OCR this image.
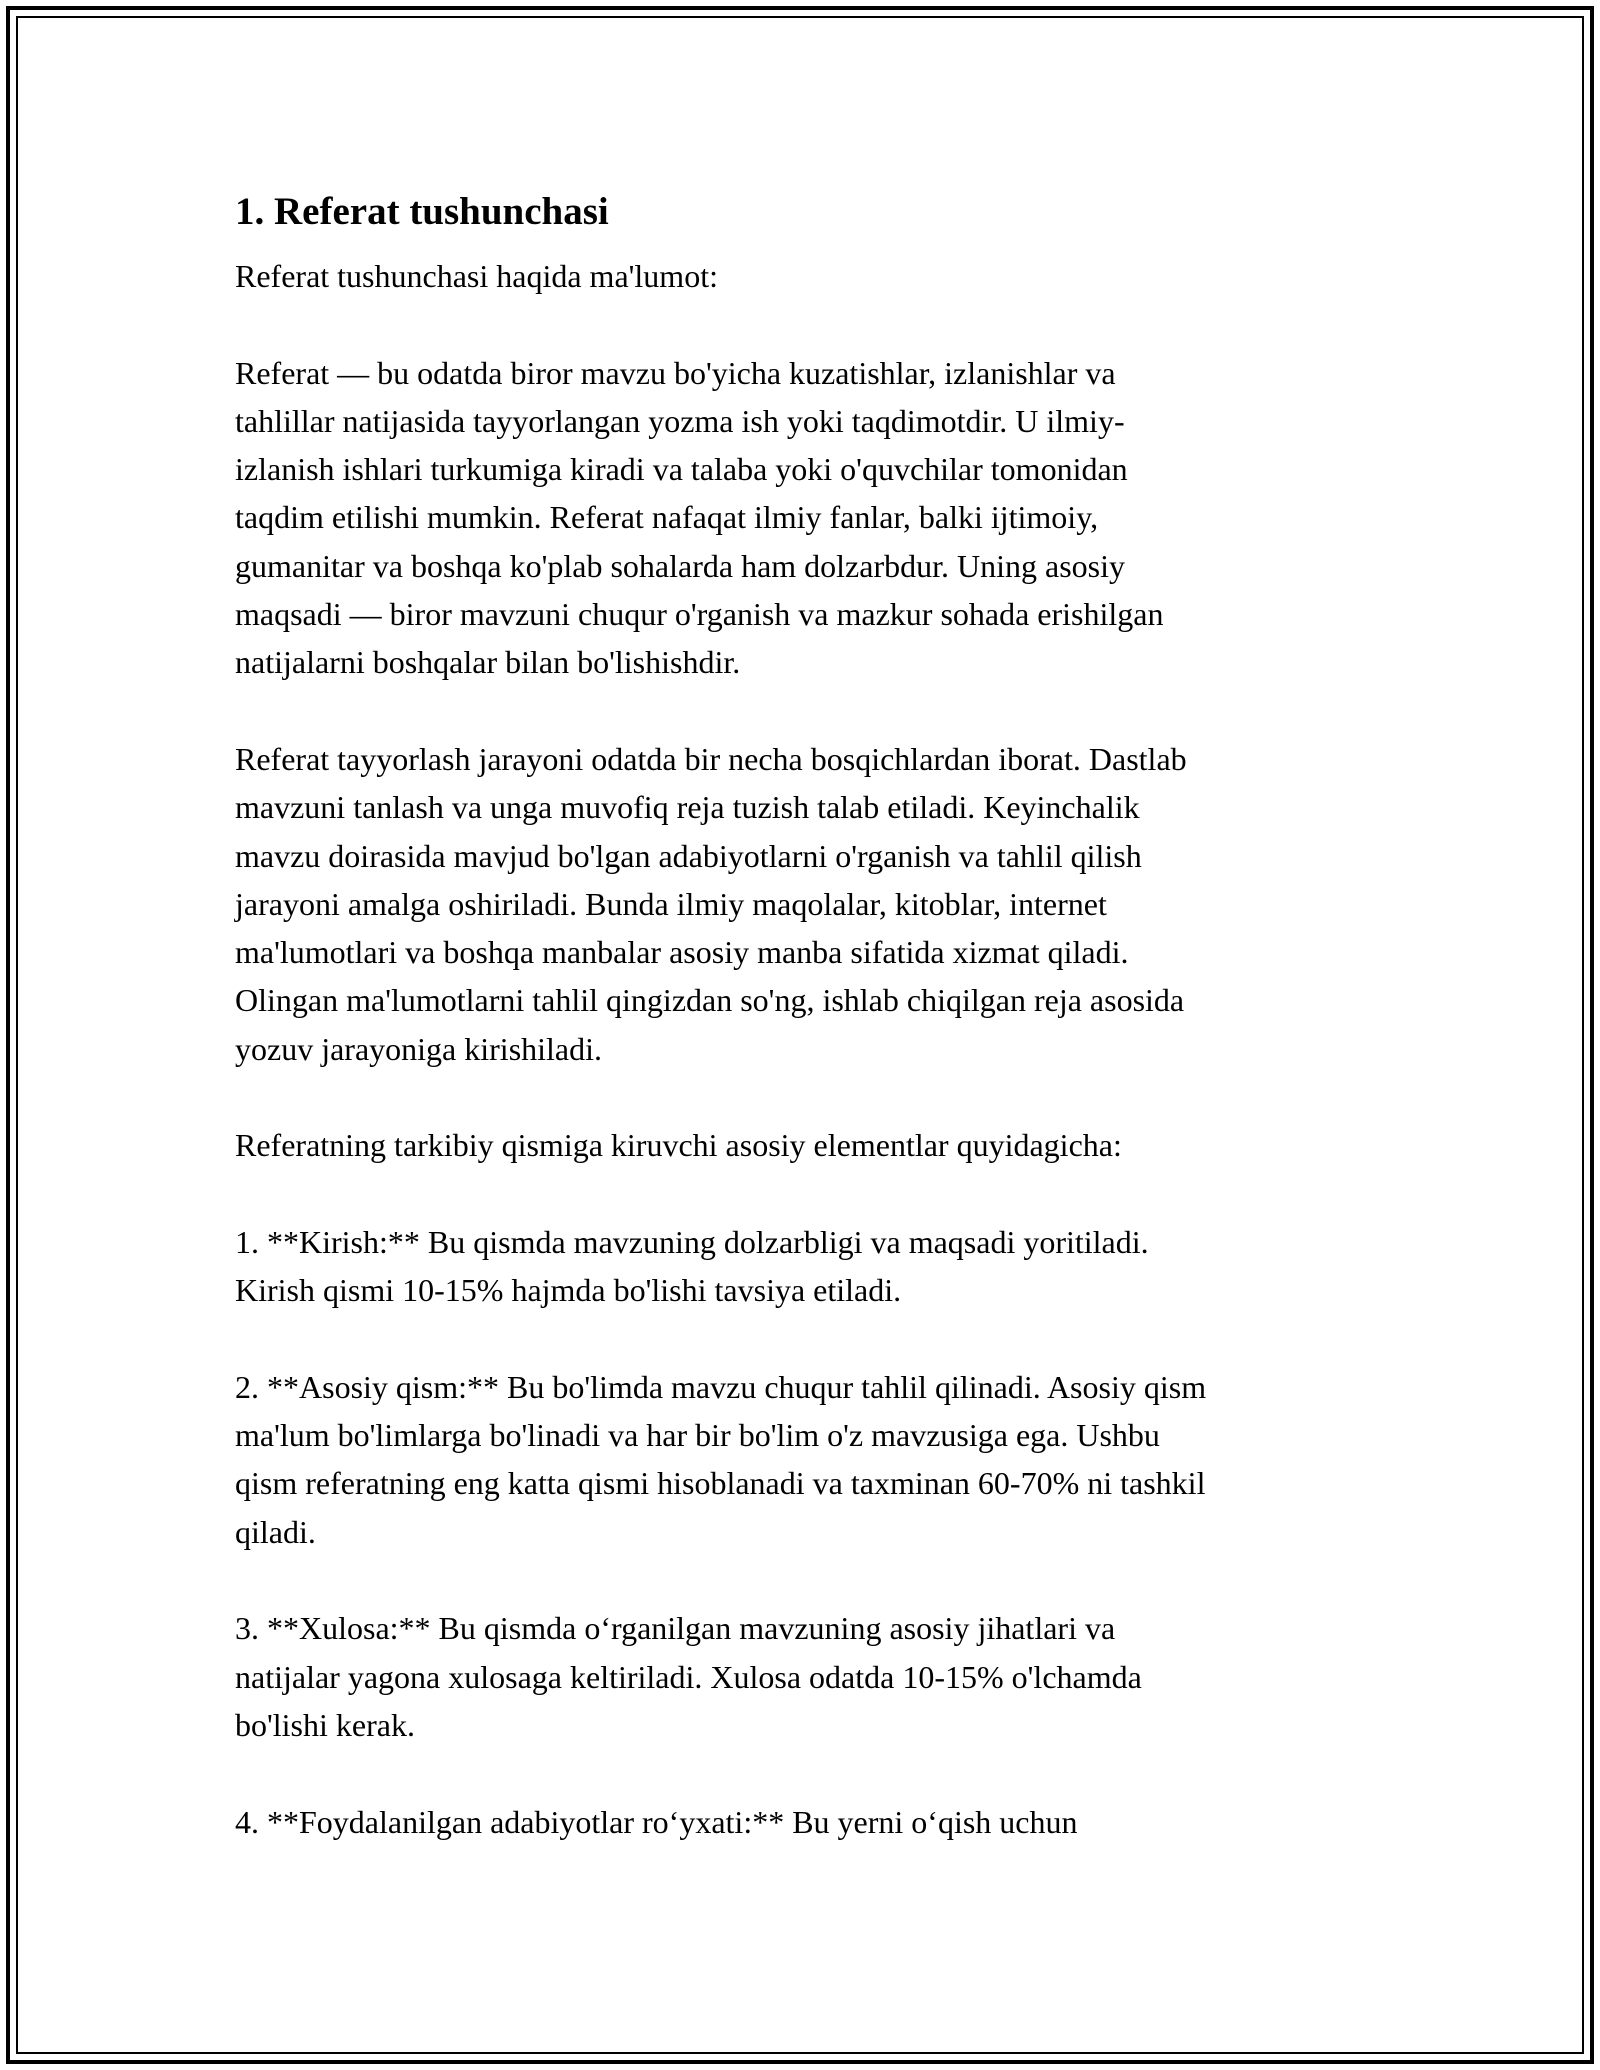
1. Referat tushunchasi

Referat tushunchasi haqida ma'lumot:

Referat — bu odatda biror mavzu bo'yicha kuzatishlar, izlanishlar va
tahlillar natijasida tayyorlangan yozma ish yoki taqdimotdir. U ilmiy-
izlanish ishlari turkumiga kiradi va talaba yoki o'quvchilar tomonidan
taqdim etilishi mumkin. Referat nafaqat ilmiy fanlar, balki ijtimoiy,
gumanitar va boshqa ko'plab sohalarda ham dolzarbdur. Uning asosiy
maqsadi — biror mavzuni chuqur o'rganish va mazkur sohada erishilgan
natijalarni boshqalar bilan bo'lishishdir.

Referat tayyorlash jarayoni odatda bir necha bosqichlardan iborat. Dastlab
mavzuni tanlash va unga muvofiq reja tuzish talab etiladi. Keyinchalik
mavzu doirasida mavjud bo'lgan adabiyotlarni o'rganish va tahlil qilish
jarayoni amalga oshiriladi. Bunda ilmiy maqolalar, kitoblar, internet
ma'lumotlari va boshqa manbalar asosiy manba sifatida xizmat qiladi.
Olingan ma'lumotlarni tahlil qingizdan so'ng, ishlab chiqilgan reja asosida
yozuv jarayoniga kirishiladi.

Referatning tarkibiy qismiga kiruvchi asosiy elementlar quyidagicha:

1. **Kirish:** Bu qismda mavzuning dolzarbligi va maqsadi yoritiladi.
Kirish qismi 10-15% hajmda bo'lishi tavsiya etiladi.

2. **Asosiy qism:** Bu bo'limda mavzu chuqur tahlil qilinadi. Asosiy qism
ma'lum bo'limlarga bo'linadi va har bir bo'lim o'z mavzusiga ega. Ushbu
qism referatning eng katta qismi hisoblanadi va taxminan 60-70% ni tashkil
qiladi.

3. **Xulosa:** Bu qismda oʻrganilgan mavzuning asosiy jihatlari va
natijalar yagona xulosaga keltiriladi. Xulosa odatda 10-15% o'lchamda
bo'lishi kerak.

4. **Foydalanilgan adabiyotlar roʻyxati:** Bu yerni oʻqish uchun
